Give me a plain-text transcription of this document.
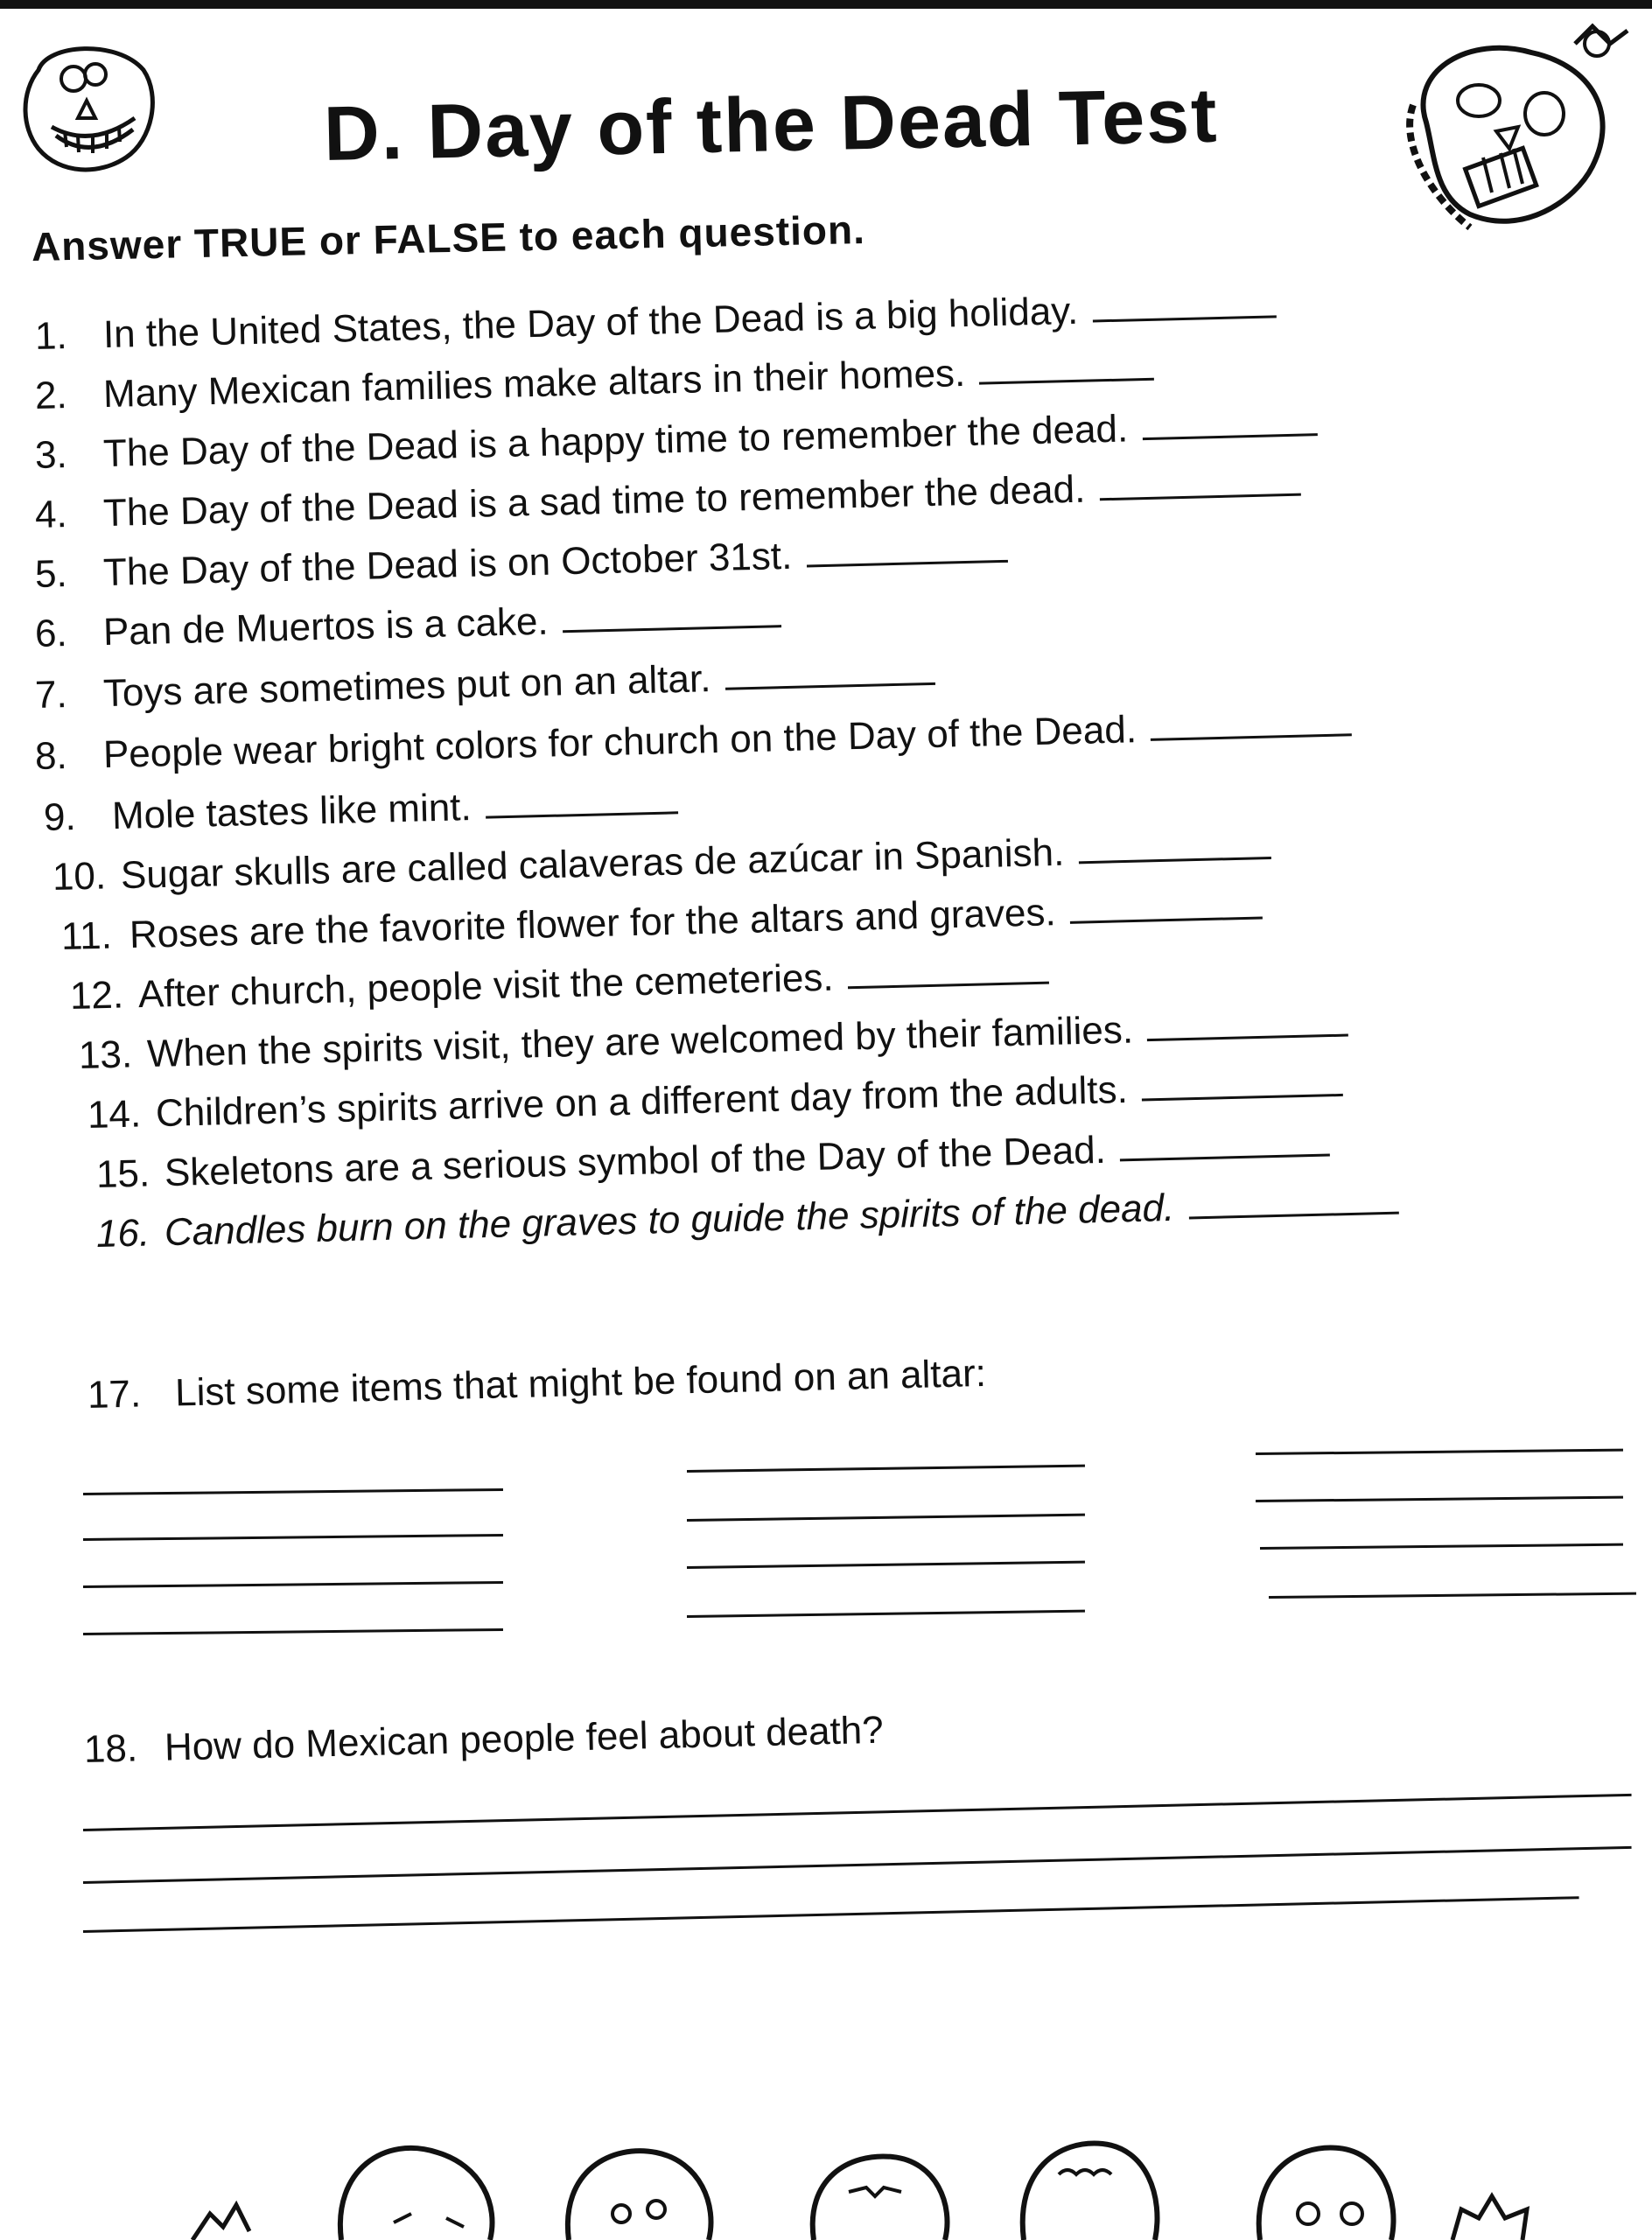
D. Day of the Dead Test
Answer TRUE or FALSE to each question.
1. In the United States, the Day of the Dead is a big holiday.
2. Many Mexican families make altars in their homes.
3. The Day of the Dead is a happy time to remember the dead.
4. The Day of the Dead is a sad time to remember the dead.
5. The Day of the Dead is on October 31st.
6. Pan de Muertos is a cake.
7. Toys are sometimes put on an altar.
8. People wear bright colors for church on the Day of the Dead.
9. Mole tastes like mint.
10. Sugar skulls are called calaveras de azúcar in Spanish.
11. Roses are the favorite flower for the altars and graves.
12. After church, people visit the cemeteries.
13. When the spirits visit, they are welcomed by their families.
14. Children’s spirits arrive on a different day from the adults.
15. Skeletons are a serious symbol of the Day of the Dead.
16. Candles burn on the graves to guide the spirits of the dead.
17. List some items that might be found on an altar:
18. How do Mexican people feel about death?
